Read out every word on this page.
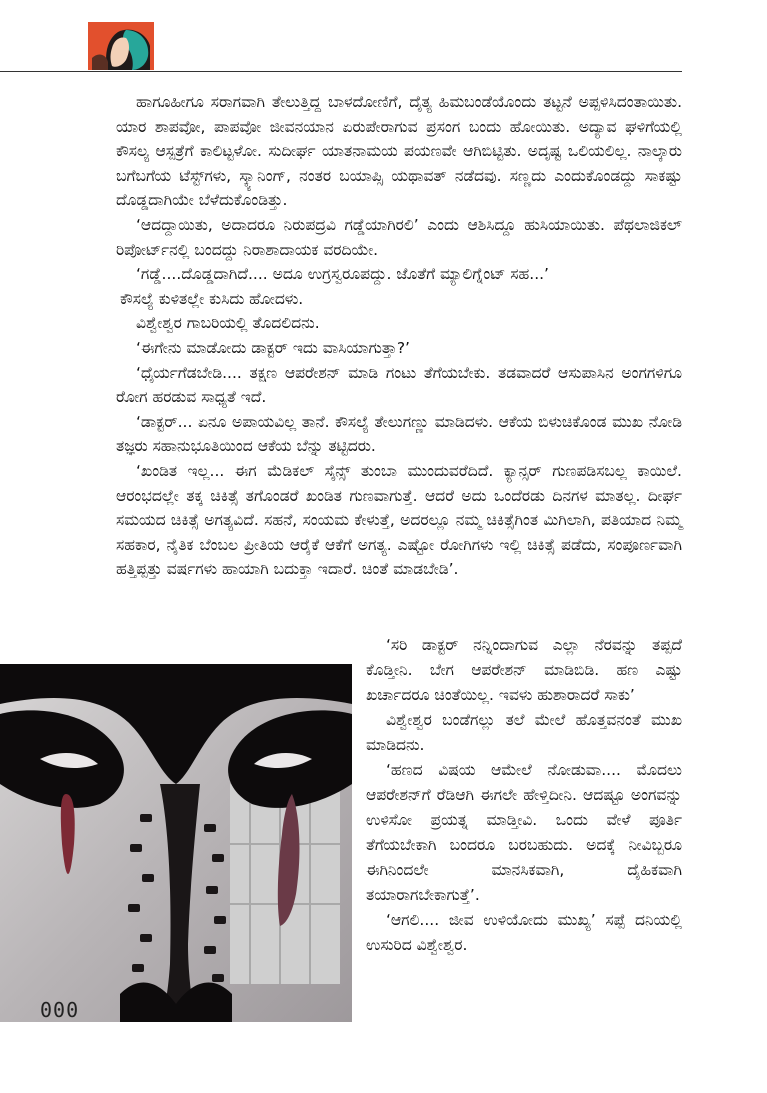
ಹಾಗೂಹೀಗೂ ಸರಾಗವಾಗಿ ತೇಲುತ್ತಿದ್ದ ಬಾಳದೋಣಿಗೆ, ದೈತ್ಯ ಹಿಮಬಂಡೆಯೊಂದು ತಟ್ಟನೆ ಅಪ್ಪಳಿಸಿದಂತಾಯಿತು. ಯಾರ ಶಾಪವೋ, ಪಾಪವೋ ಜೀವನಯಾನ ಏರುಪೇರಾಗುವ ಪ್ರಸಂಗ ಬಂದು ಹೋಯಿತು. ಅದ್ಯಾವ ಘಳಿಗೆಯಲ್ಲಿ ಕೌಸಲ್ಯ ಆಸ್ಪತ್ರೆಗೆ ಕಾಲಿಟ್ಟಳೋ. ಸುದೀರ್ಘ ಯಾತನಾಮಯ ಪಯಣವೇ ಆಗಿಬಿಟ್ಟಿತು. ಅದೃಷ್ಟ ಒಲಿಯಲಿಲ್ಲ. ನಾಲ್ಕಾರು ಬಗೆಬಗೆಯ ಟೆಸ್ಟ್‌ಗಳು, ಸ್ಕ್ಯಾನಿಂಗ್, ನಂತರ ಬಯಾಪ್ಸಿ ಯಥಾವತ್ ನಡೆದವು. ಸಣ್ಣದು ಎಂದುಕೊಂಡದ್ದು ಸಾಕಷ್ಟು ದೊಡ್ಡದಾಗಿಯೇ ಬೆಳೆದುಕೊಂಡಿತ್ತು.

‘ಆದದ್ದಾಯಿತು, ಅದಾದರೂ ನಿರುಪದ್ರವಿ ಗಡ್ಡೆಯಾಗಿರಲಿ’ ಎಂದು ಆಶಿಸಿದ್ದೂ ಹುಸಿಯಾಯಿತು. ಪೆಥಲಾಜಿಕಲ್ ರಿಪೋರ್ಟ್‌ನಲ್ಲಿ ಬಂದದ್ದು ನಿರಾಶಾದಾಯಕ ವರದಿಯೇ.

‘ಗಡ್ಡೆ....ದೊಡ್ಡದಾಗಿದೆ.... ಅದೂ ಉಗ್ರಸ್ವರೂಪದ್ದು. ಜೊತೆಗೆ ಮ್ಯಾಲಿಗ್ನೆಂಟ್ ಸಹ...’

ಕೌಸಲ್ಯೆ ಕುಳಿತಲ್ಲೇ ಕುಸಿದು ಹೋದಳು.

ವಿಶ್ವೇಶ್ವರ ಗಾಬರಿಯಲ್ಲಿ ತೊದಲಿದನು.

‘ಈಗೇನು ಮಾಡೋದು ಡಾಕ್ಟರ್ ಇದು ವಾಸಿಯಾಗುತ್ತಾ?’

‘ಧೈರ್ಯಗೆಡಬೇಡಿ.... ತಕ್ಷಣ ಆಪರೇಶನ್ ಮಾಡಿ ಗಂಟು ತೆಗೆಯಬೇಕು. ತಡವಾದರೆ ಆಸುಪಾಸಿನ ಅಂಗಗಳಿಗೂ ರೋಗ ಹರಡುವ ಸಾಧ್ಯತೆ ಇದೆ.

‘ಡಾಕ್ಟರ್... ಏನೂ ಅಪಾಯವಿಲ್ಲ ತಾನೆ. ಕೌಸಲ್ಯೆ ತೇಲುಗಣ್ಣು ಮಾಡಿದಳು. ಆಕೆಯ ಬಿಳುಚಿಕೊಂಡ ಮುಖ ನೋಡಿ ತಜ್ಞರು ಸಹಾನುಭೂತಿಯಿಂದ ಆಕೆಯ ಬೆನ್ನು ತಟ್ಟಿದರು.

‘ಖಂಡಿತ ಇಲ್ಲ... ಈಗ ಮೆಡಿಕಲ್ ಸೈನ್ಸ್ ತುಂಬಾ ಮುಂದುವರೆದಿದೆ. ಕ್ಯಾನ್ಸರ್ ಗುಣಪಡಿಸಬಲ್ಲ ಕಾಯಿಲೆ. ಆರಂಭದಲ್ಲೇ ತಕ್ಕ ಚಿಕಿತ್ಸೆ ತಗೊಂಡರೆ ಖಂಡಿತ ಗುಣವಾಗುತ್ತೆ. ಆದರೆ ಅದು ಒಂದೆರಡು ದಿನಗಳ ಮಾತಲ್ಲ. ದೀರ್ಘ ಸಮಯದ ಚಿಕಿತ್ಸೆ ಅಗತ್ಯವಿದೆ. ಸಹನೆ, ಸಂಯಮ ಕೇಳುತ್ತೆ, ಅದರಲ್ಲೂ ನಮ್ಮ ಚಿಕಿತ್ಸೆಗಿಂತ ಮಿಗಿಲಾಗಿ, ಪತಿಯಾದ ನಿಮ್ಮ ಸಹಕಾರ, ನೈತಿಕ ಬೆಂಬಲ ಪ್ರೀತಿಯ ಆರೈಕೆ ಆಕೆಗೆ ಅಗತ್ಯ. ಎಷ್ಟೋ ರೋಗಿಗಳು ಇಲ್ಲಿ ಚಿಕಿತ್ಸೆ ಪಡೆದು, ಸಂಪೂರ್ಣವಾಗಿ ಹತ್ತಿಪ್ಪತ್ತು ವರ್ಷಗಳು ಹಾಯಾಗಿ ಬದುಕ್ತಾ ಇದಾರೆ. ಚಿಂತೆ ಮಾಡಬೇಡಿ’.

000

‘ಸರಿ ಡಾಕ್ಟರ್ ನನ್ನಿಂದಾಗುವ ಎಲ್ಲಾ ನೆರವನ್ನು ತಪ್ಪದೆ ಕೊಡ್ತೀನಿ. ಬೇಗ ಆಪರೇಶನ್ ಮಾಡಿಬಿಡಿ. ಹಣ ಎಷ್ಟು ಖರ್ಚಾದರೂ ಚಿಂತೆಯಿಲ್ಲ. ಇವಳು ಹುಶಾರಾದರೆ ಸಾಕು’

ವಿಶ್ವೇಶ್ವರ ಬಂಡೆಗಲ್ಲು ತಲೆ ಮೇಲೆ ಹೊತ್ತವನಂತೆ ಮುಖ ಮಾಡಿದನು.

‘ಹಣದ ವಿಷಯ ಆಮೇಲೆ ನೋಡುವಾ.... ಮೊದಲು ಆಪರೇಶನ್‌ಗೆ ರೆಡಿಆಗಿ ಈಗಲೇ ಹೇಳ್ತಿದೀನಿ. ಆದಷ್ಟೂ ಅಂಗವನ್ನು ಉಳಿಸೋ ಪ್ರಯತ್ನ ಮಾಡ್ತೀವಿ. ಒಂದು ವೇಳೆ ಪೂರ್ತಿ ತೆಗೆಯಬೇಕಾಗಿ ಬಂದರೂ ಬರಬಹುದು. ಅದಕ್ಕೆ ನೀವಿಬ್ಬರೂ ಈಗಿನಿಂದಲೇ ಮಾನಸಿಕವಾಗಿ, ದೈಹಿಕವಾಗಿ ತಯಾರಾಗಬೇಕಾಗುತ್ತೆ’.

‘ಆಗಲಿ.... ಜೀವ ಉಳಿಯೋದು ಮುಖ್ಯ’ ಸಪ್ಪೆ ದನಿಯಲ್ಲಿ ಉಸುರಿದ ವಿಶ್ವೇಶ್ವರ.
